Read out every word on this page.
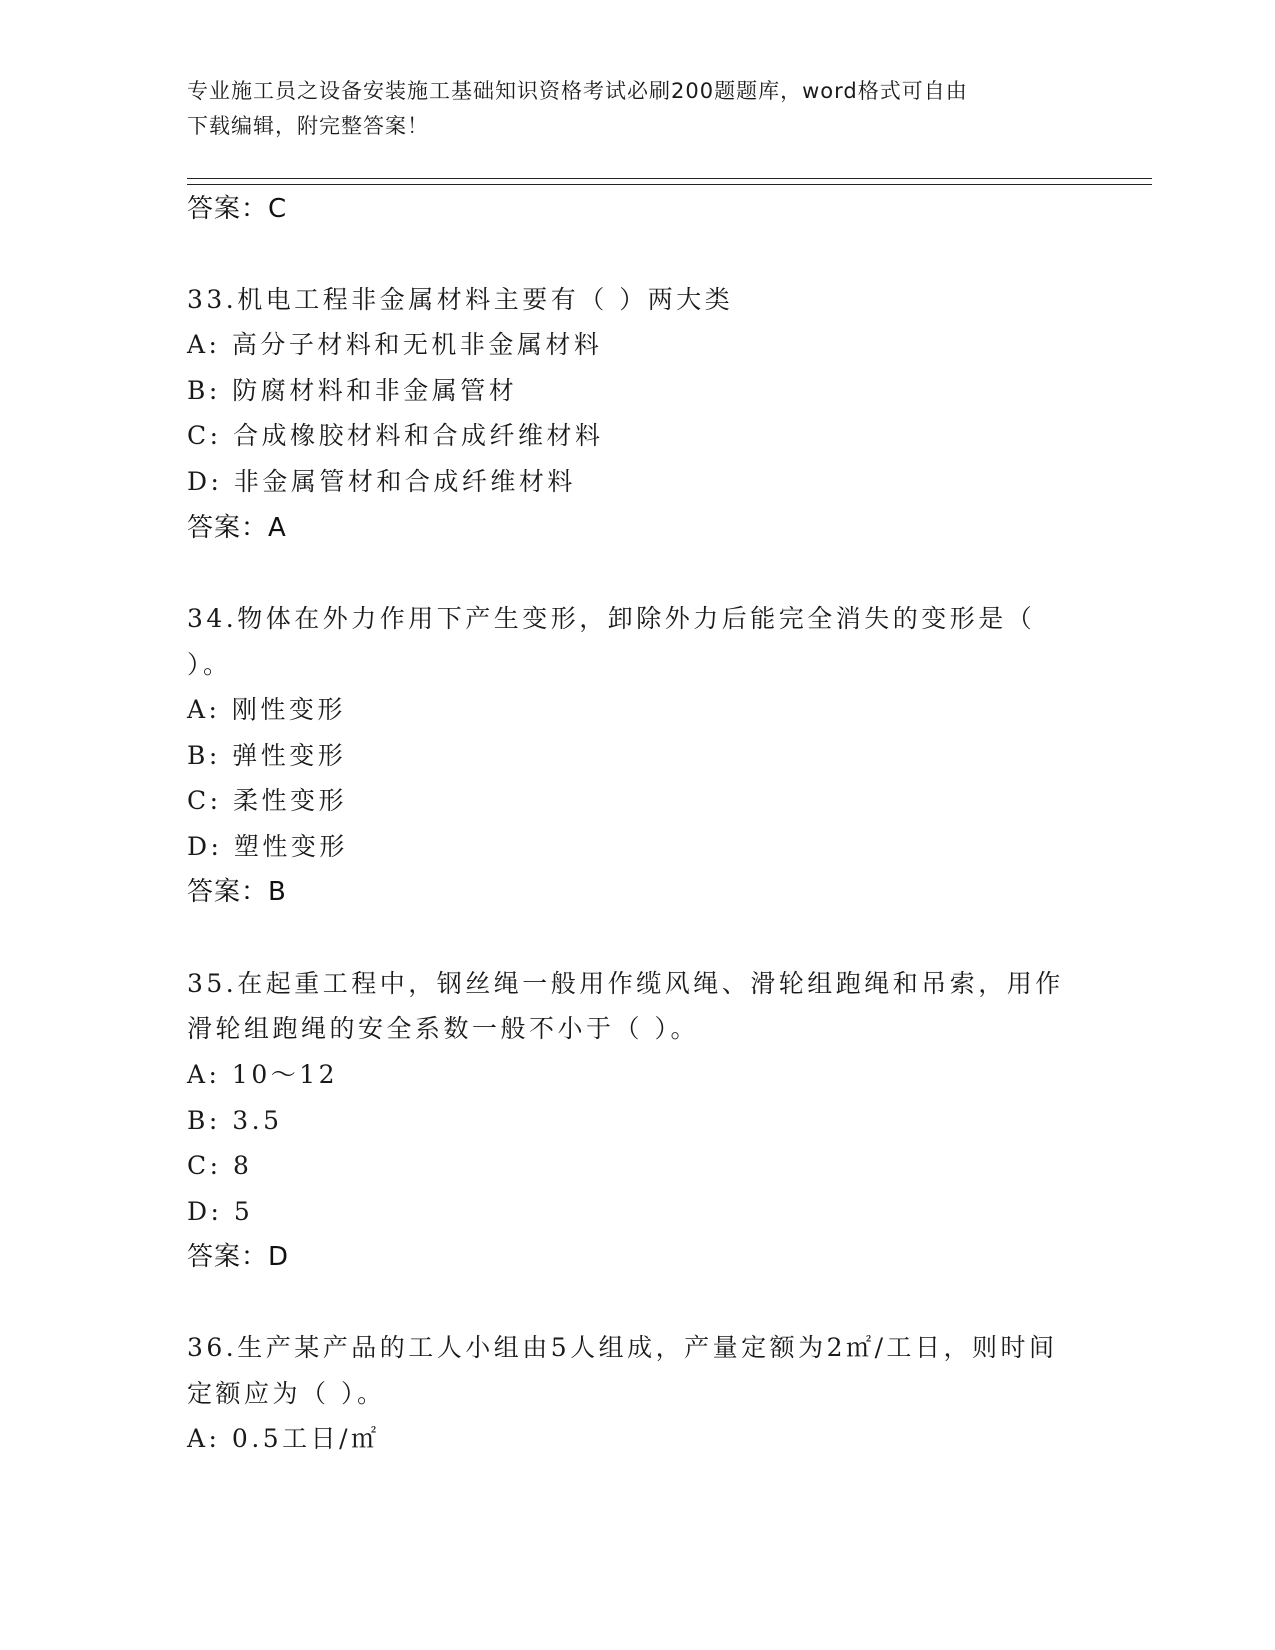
专业施工员之设备安装施工基础知识资格考试必刷200题题库，word格式可自由
下载编辑，附完整答案！
答案：C
33.机电工程非金属材料主要有（ ）两大类
A: 高分子材料和无机非金属材料
B: 防腐材料和非金属管材
C: 合成橡胶材料和合成纤维材料
D: 非金属管材和合成纤维材料
答案：A
34.物体在外力作用下产生变形，卸除外力后能完全消失的变形是（
）。
A: 刚性变形
B: 弹性变形
C: 柔性变形
D: 塑性变形
答案：B
35.在起重工程中，钢丝绳一般用作缆风绳、滑轮组跑绳和吊索，用作
滑轮组跑绳的安全系数一般不小于（ ）。
A: 10～12
B: 3.5
C: 8
D: 5
答案：D
36.生产某产品的工人小组由5人组成，产量定额为2㎡/工日，则时间
定额应为（ ）。
A: 0.5工日/㎡
